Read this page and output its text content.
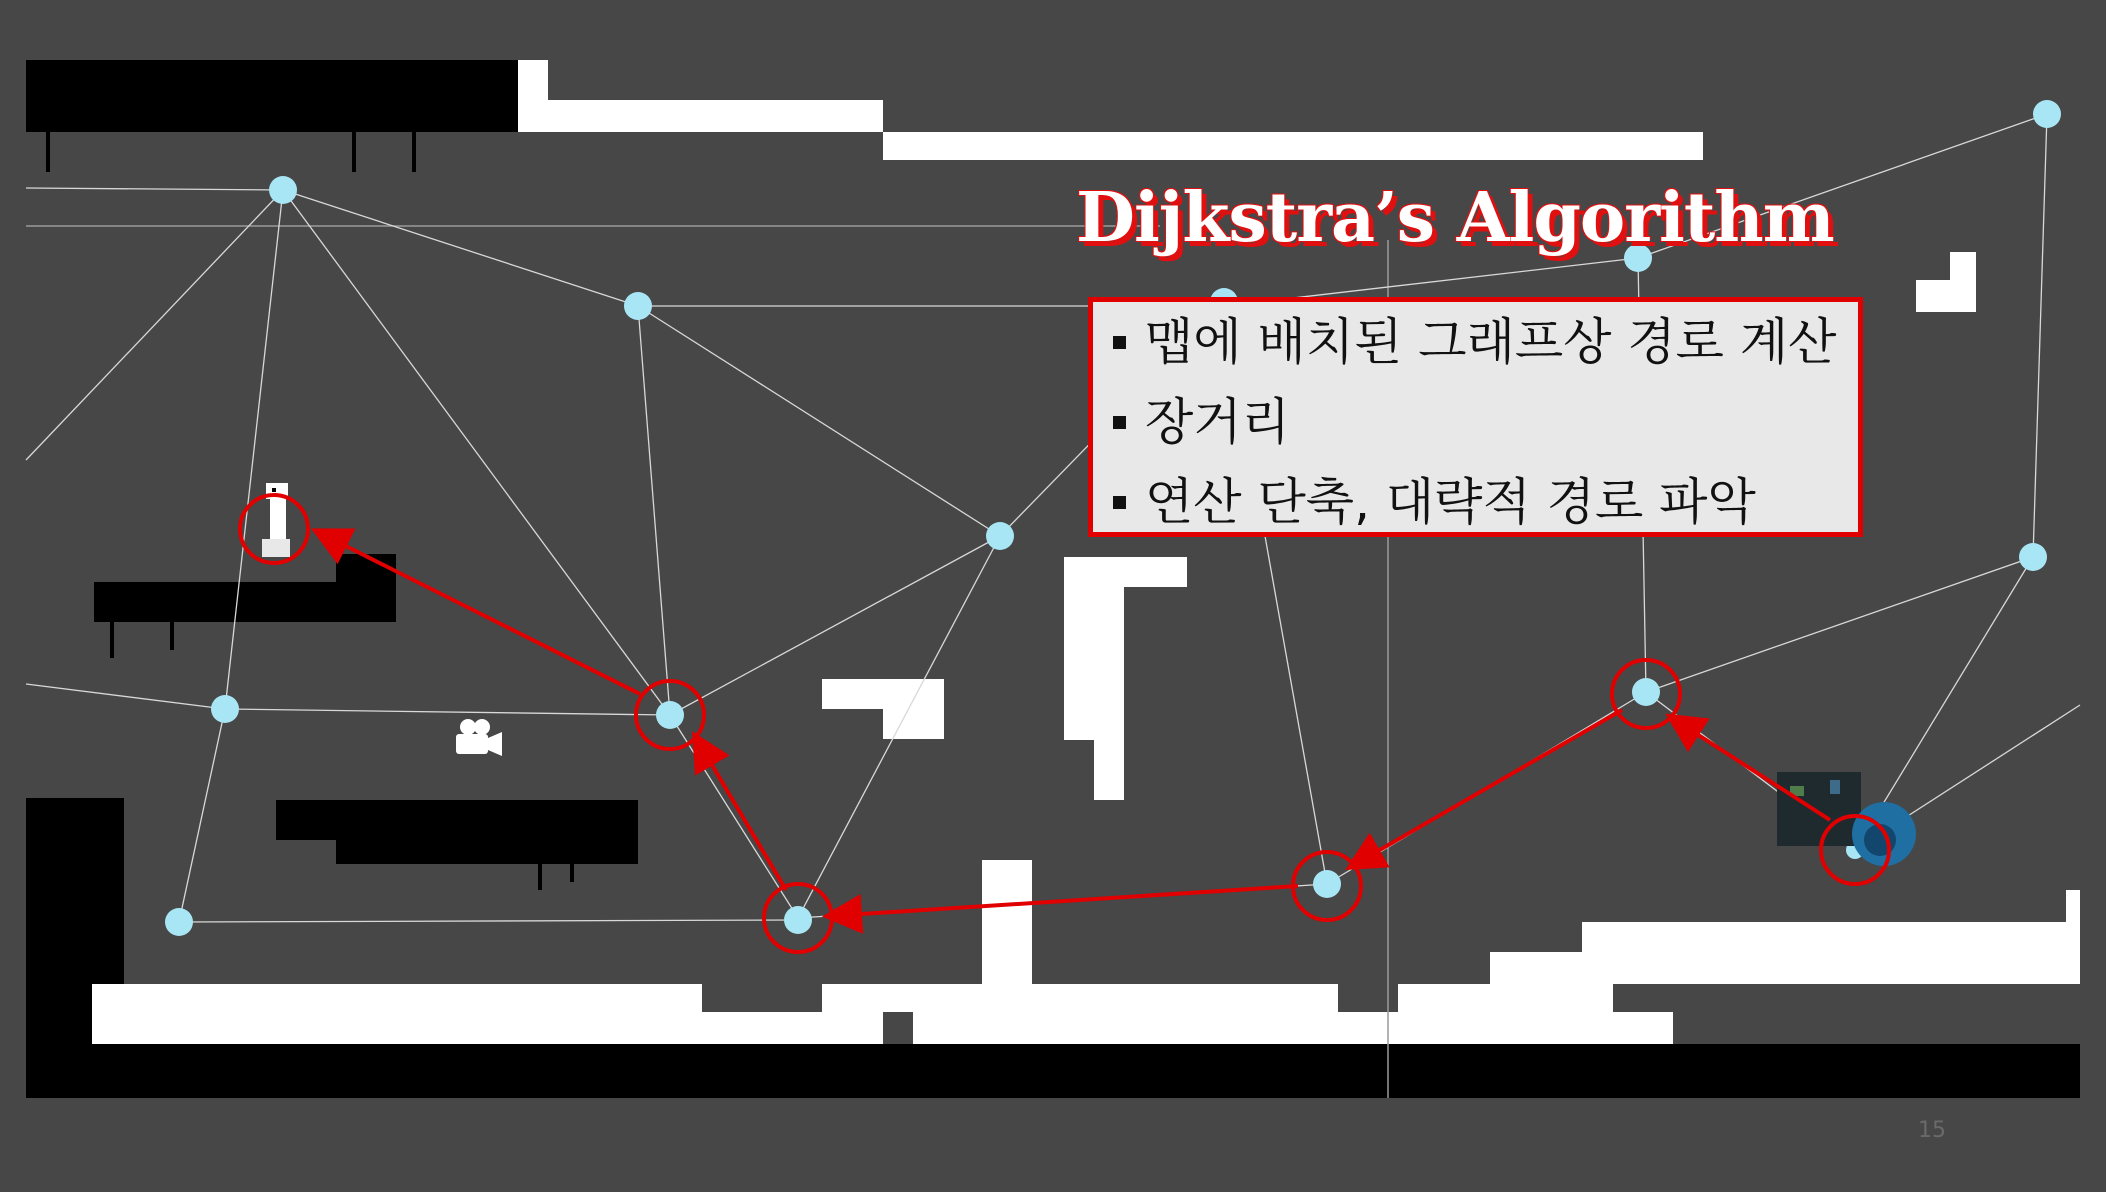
Dijkstra’s Algorithm
맵에 배치된 그래프상 경로 계산
장거리
연산 단축, 대략적 경로 파악
15
